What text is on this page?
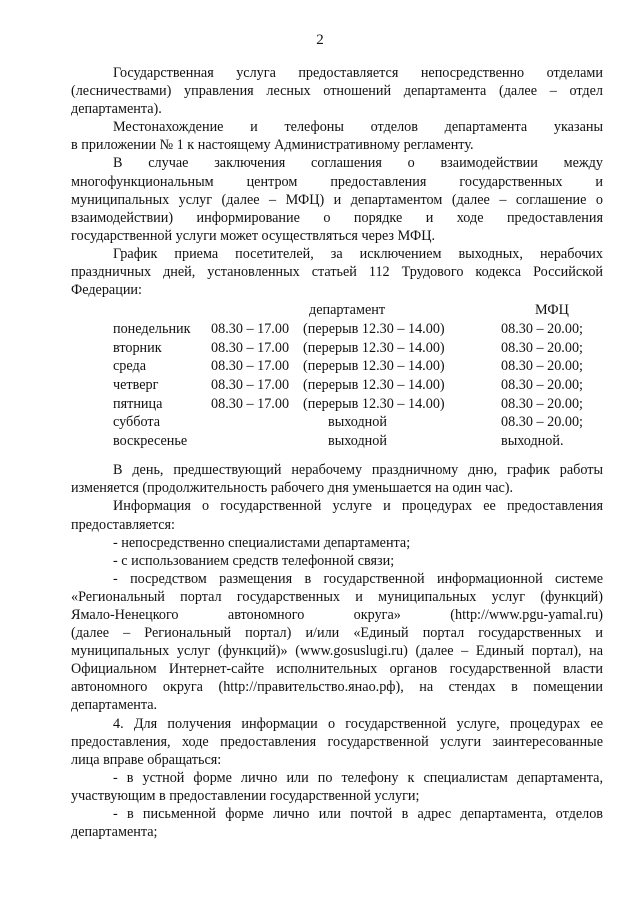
2
Государственная услуга предоставляется непосредственно отделами
(лесничествами) управления лесных отношений департамента (далее – отдел
департамента).
Местонахождение и телефоны отделов департамента указаны
в приложении № 1 к настоящему Административному регламенту.
В случае заключения соглашения о взаимодействии между
многофункциональным центром предоставления государственных и
муниципальных услуг (далее – МФЦ) и департаментом (далее – соглашение о
взаимодействии) информирование о порядке и ходе предоставления
государственной услуги может осуществляться через МФЦ.
График приема посетителей, за исключением выходных, нерабочих
праздничных дней, установленных статьей 112 Трудового кодекса Российской
Федерации:
департамент	МФЦ
понедельник 08.30 – 17.00 (перерыв 12.30 – 14.00)	08.30 – 20.00;
вторник	08.30 – 17.00 (перерыв 12.30 – 14.00)	08.30 – 20.00;
среда	08.30 – 17.00 (перерыв 12.30 – 14.00)	08.30 – 20.00;
четверг	08.30 – 17.00 (перерыв 12.30 – 14.00)	08.30 – 20.00;
пятница	08.30 – 17.00 (перерыв 12.30 – 14.00)	08.30 – 20.00;
суббота	выходной	08.30 – 20.00;
воскресенье	выходной	выходной.
В день, предшествующий нерабочему праздничному дню, график работы
изменяется (продолжительность рабочего дня уменьшается на один час).
Информация о государственной услуге и процедурах ее предоставления
предоставляется:
- непосредственно специалистами департамента;
- с использованием средств телефонной связи;
- посредством размещения в государственной информационной системе
«Региональный портал государственных и муниципальных услуг (функций)
Ямало-Ненецкого автономного округа» (http://www.pgu-yamal.ru)
(далее – Региональный портал) и/или «Единый портал государственных и
муниципальных услуг (функций)» (www.gosuslugi.ru) (далее – Единый портал), на
Официальном Интернет-сайте исполнительных органов государственной власти
автономного округа (http://правительство.янао.рф), на стендах в помещении
департамента.
4. Для получения информации о государственной услуге, процедурах ее
предоставления, ходе предоставления государственной услуги заинтересованные
лица вправе обращаться:
- в устной форме лично или по телефону к специалистам департамента,
участвующим в предоставлении государственной услуги;
- в письменной форме лично или почтой в адрес департамента, отделов
департамента;
